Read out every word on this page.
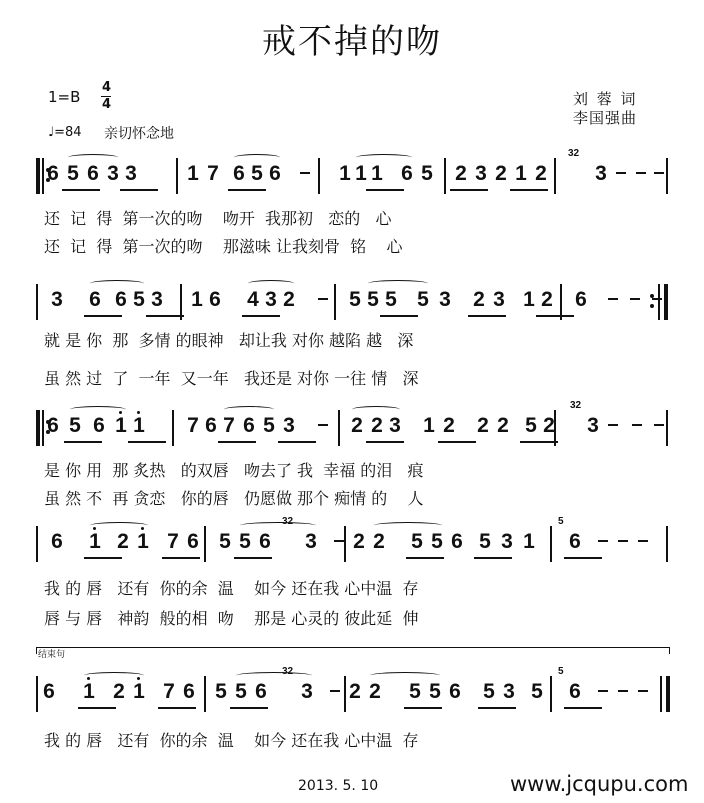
戒不掉的吻
1=B
4
4
♩=84 亲切怀念地
刘 蓉 词
李国强曲
6 5 6 3 3 1 7 6 5 6	1 1 1 6 5 2 3 2 1 2 3
32
还  记  得  第一次的吻    吻开  我那初   恋的   心
还  记  得  第一次的吻    那滋味 让我刻骨  铭    心
3 6 6 5 3 1 6 4 3 2	5 5 5 5 3 2 3 1 2 6
就 是 你  那  多情 的眼神   却让我 对你 越陷 越   深
虽 然 过  了  一年  又一年   我还是 对你 一往 情   深
6 5 6 1 1 7 6 7 6 5 3	2 2 3 1 2 2 2 5 2 3
32
是 你 用  那 炙热   的双唇   吻去了 我  幸福 的泪   痕
虽 然 不  再 贪恋   你的唇   仍愿做 那个 痴情 的    人
6 1 2 1 7 6 5 5 6 3 2 2 5 5 6 5 3 1 6
32	5
我 的 唇   还有  你的余  温    如今 还在我 心中温  存
唇 与 唇   神韵  般的相  吻    那是 心灵的 彼此延  伸
6 1 2 1 7 6 5 5 6 3 2 2 5 5 6 5 3 5 6
32	5
我 的 唇   还有  你的余  温    如今 还在我 心中温  存
结束句
2013. 5. 10	www.jcqupu.com
